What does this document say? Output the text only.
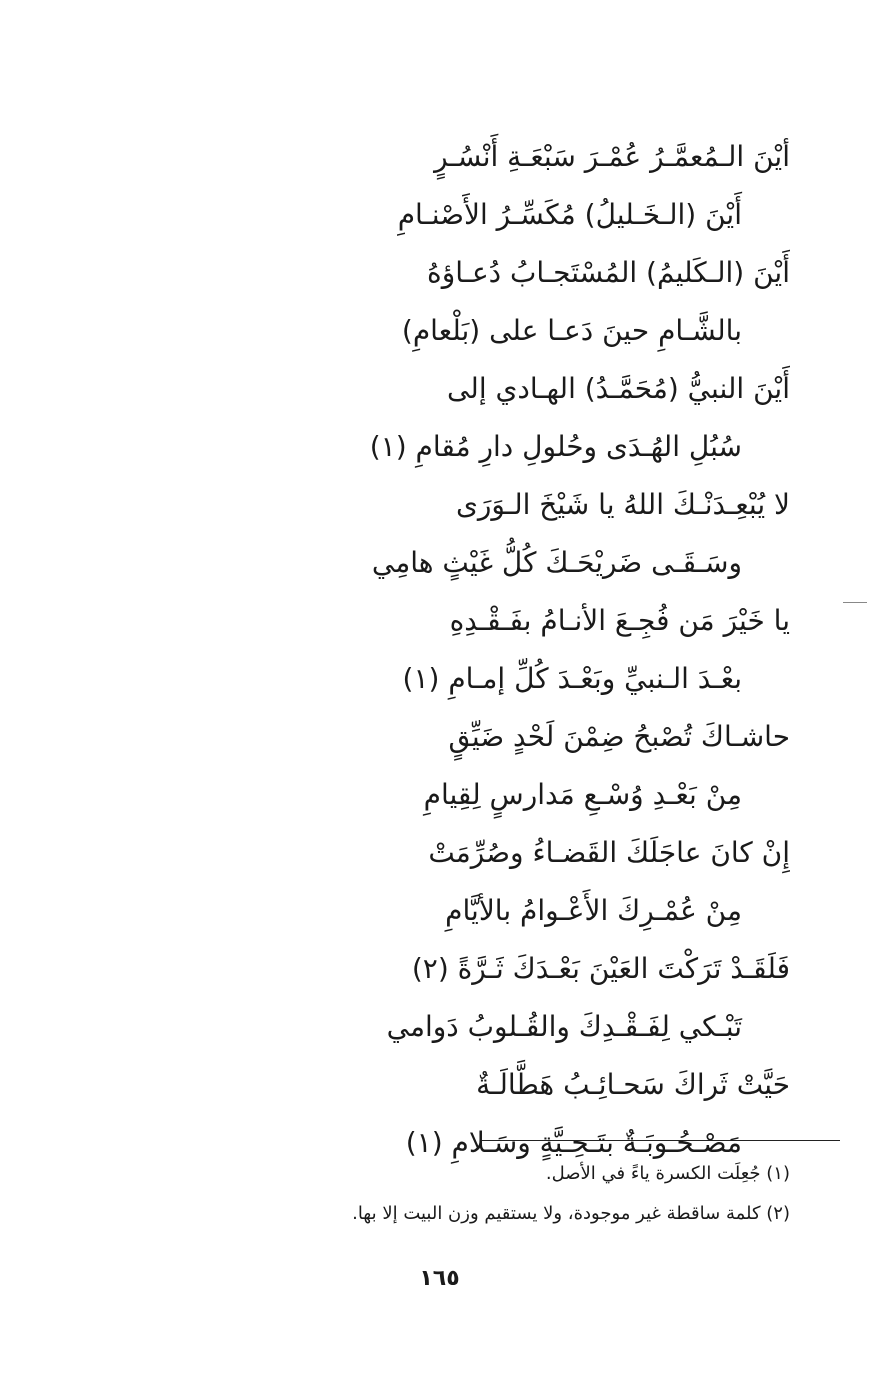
أيْنَ الـمُعمَّـرُ عُمْـرَ سَبْعَـةِ أَنْسُـرٍ
أَيْنَ (الـخَـليلُ) مُكَسِّـرُ الأَصْنـامِ
أَيْنَ (الـكَليمُ) المُسْتَجـابُ دُعـاؤهُ
بالشَّـامِ حينَ دَعـا على (بَلْعامِ)
أَيْنَ النبيُّ (مُحَمَّـدُ) الهـادي إلى
سُبُلِ الهُـدَى وحُلولِ دارِ مُقامِ (١)
لا يُبْعِـدَنْـكَ اللهُ يا شَيْخَ الـوَرَى
وسَـقَـى ضَريْحَـكَ كُلُّ غَيْثٍ هامِي
يا خَيْرَ مَن فُجِـعَ الأنـامُ بفَـقْـدِهِ
بعْـدَ الـنبيِّ وبَعْـدَ كُلِّ إمـامِ (١)
حاشـاكَ تُصْبحُ ضِمْنَ لَحْدٍ ضَيِّقٍ
مِنْ بَعْـدِ وُسْـعِ مَدارسٍ لِقِيامِ
إِنْ كانَ عاجَلَكَ القَضـاءُ وصُرِّمَتْ
مِنْ عُمْـرِكَ الأَعْـوامُ بالأيَّامِ
فَلَقَـدْ تَرَكْتَ العَيْنَ بَعْـدَكَ ثَـرَّةً (٢)
تَبْـكي لِفَـقْـدِكَ والقُـلوبُ دَوامي
حَيَّتْ ثَراكَ سَحـائِـبُ هَطَّالَـةٌ
مَصْـحُـوبَـةٌ بتَـحِـيَّةٍ وسَـلامِ (١)
(١) جُعِلَت الكسرة ياءً في الأصل.
(٢) كلمة ساقطة غير موجودة، ولا يستقيم وزن البيت إلا بها.
١٦٥
